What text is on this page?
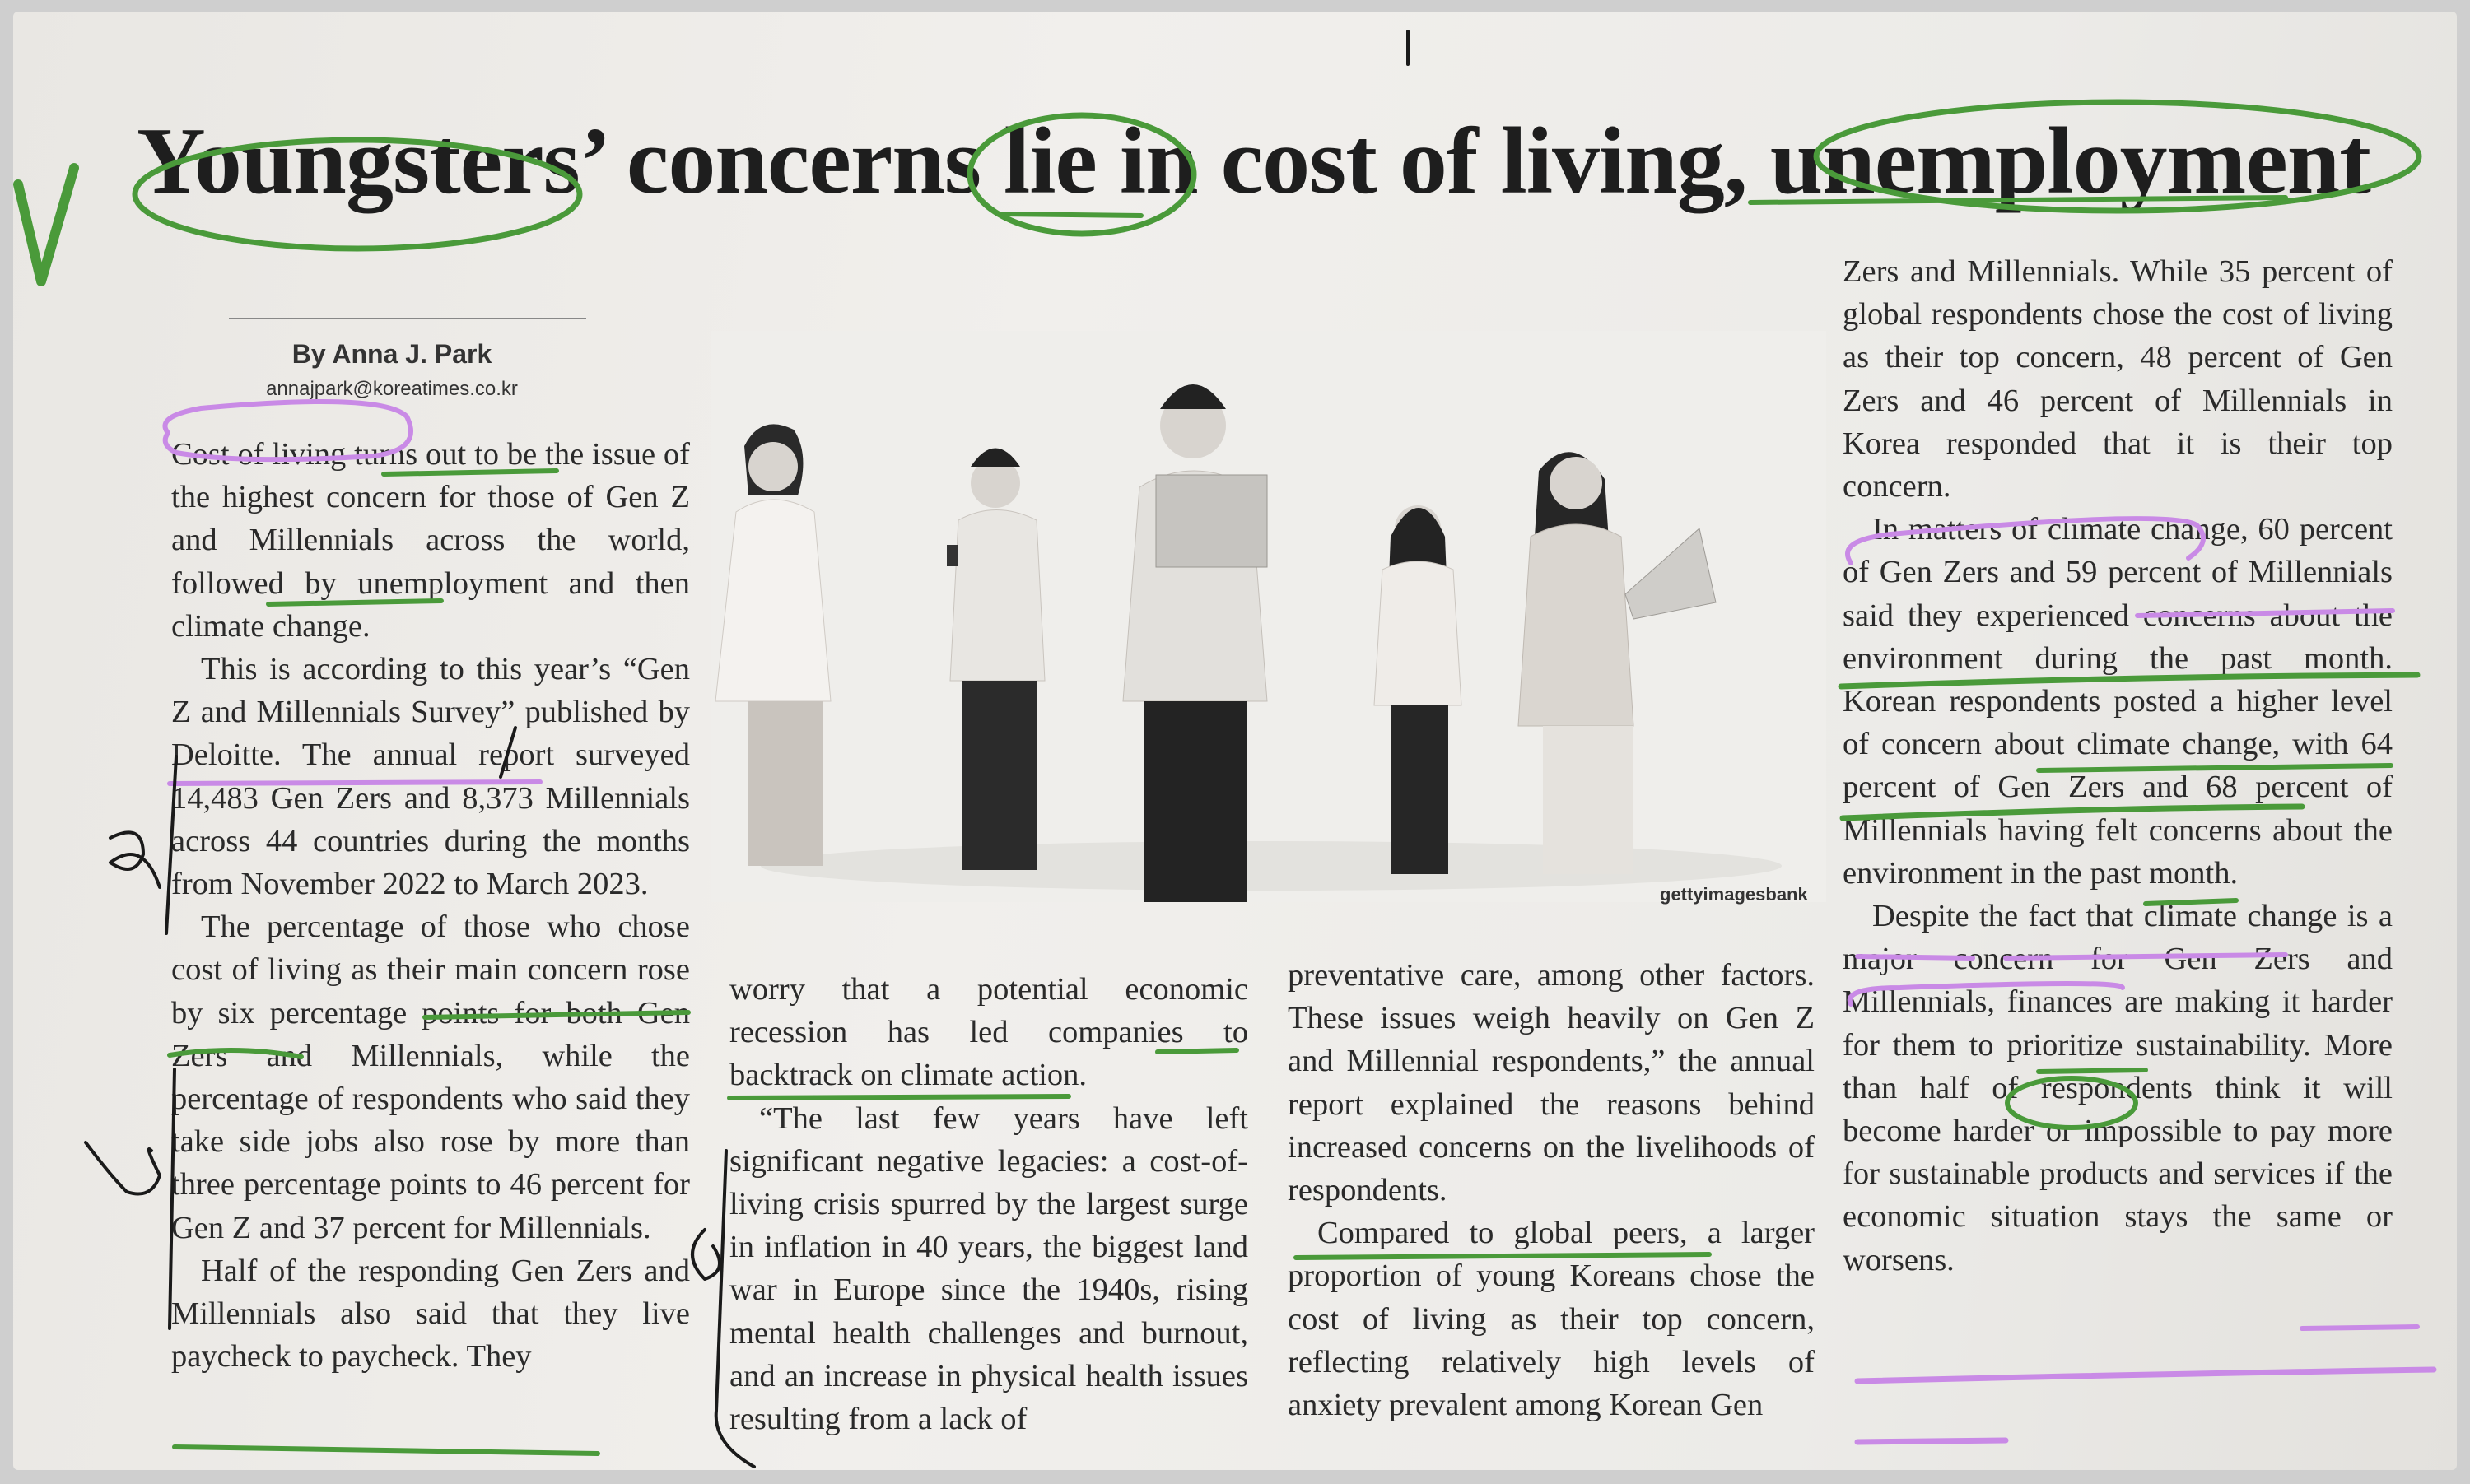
Youngsters’ concerns lie in cost of living, unemployment
By Anna J. Park
annajpark@koreatimes.co.kr
gettyimagesbank

Cost of living turns out to be the issue of the highest concern for those of Gen Z and Millennials across the world, followed by unemployment and then climate change.

This is according to this year’s “Gen Z and Millennials Survey” published by Deloitte. The annual report surveyed 14,483 Gen Zers and 8,373 Millennials across 44 countries during the months from November 2022 to March 2023.

The percentage of those who chose cost of living as their main concern rose by six percentage points for both Gen Zers and Millennials, while the percentage of respondents who said they take side jobs also rose by more than three percentage points to 46 percent for Gen Z and 37 percent for Millennials.

Half of the responding Gen Zers and Millennials also said that they live paycheck to paycheck. They

worry that a potential economic recession has led companies to backtrack on climate action.

“The last few years have left significant negative legacies: a cost-of-living crisis spurred by the largest surge in inflation in 40 years, the biggest land war in Europe since the 1940s, rising mental health challenges and burnout, and an increase in physical health issues resulting from a lack of

preventative care, among other factors. These issues weigh heavily on Gen Z and Millennial respondents,” the annual report explained the reasons behind increased concerns on the livelihoods of respondents.

Compared to global peers, a larger proportion of young Koreans chose the cost of living as their top concern, reflecting relatively high levels of anxiety prevalent among Korean Gen

Zers and Millennials. While 35 percent of global respondents chose the cost of living as their top concern, 48 percent of Gen Zers and 46 percent of Millennials in Korea responded that it is their top concern.

In matters of climate change, 60 percent of Gen Zers and 59 percent of Millennials said they experienced concerns about the environment during the past month. Korean respondents posted a higher level of concern about climate change, with 64 percent of Gen Zers and 68 percent of Millennials having felt concerns about the environment in the past month.

Despite the fact that climate change is a major concern for Gen Zers and Millennials, finances are making it harder for them to prioritize sustainability. More than half of respondents think it will become harder or impossible to pay more for sustainable products and services if the economic situation stays the same or worsens.
